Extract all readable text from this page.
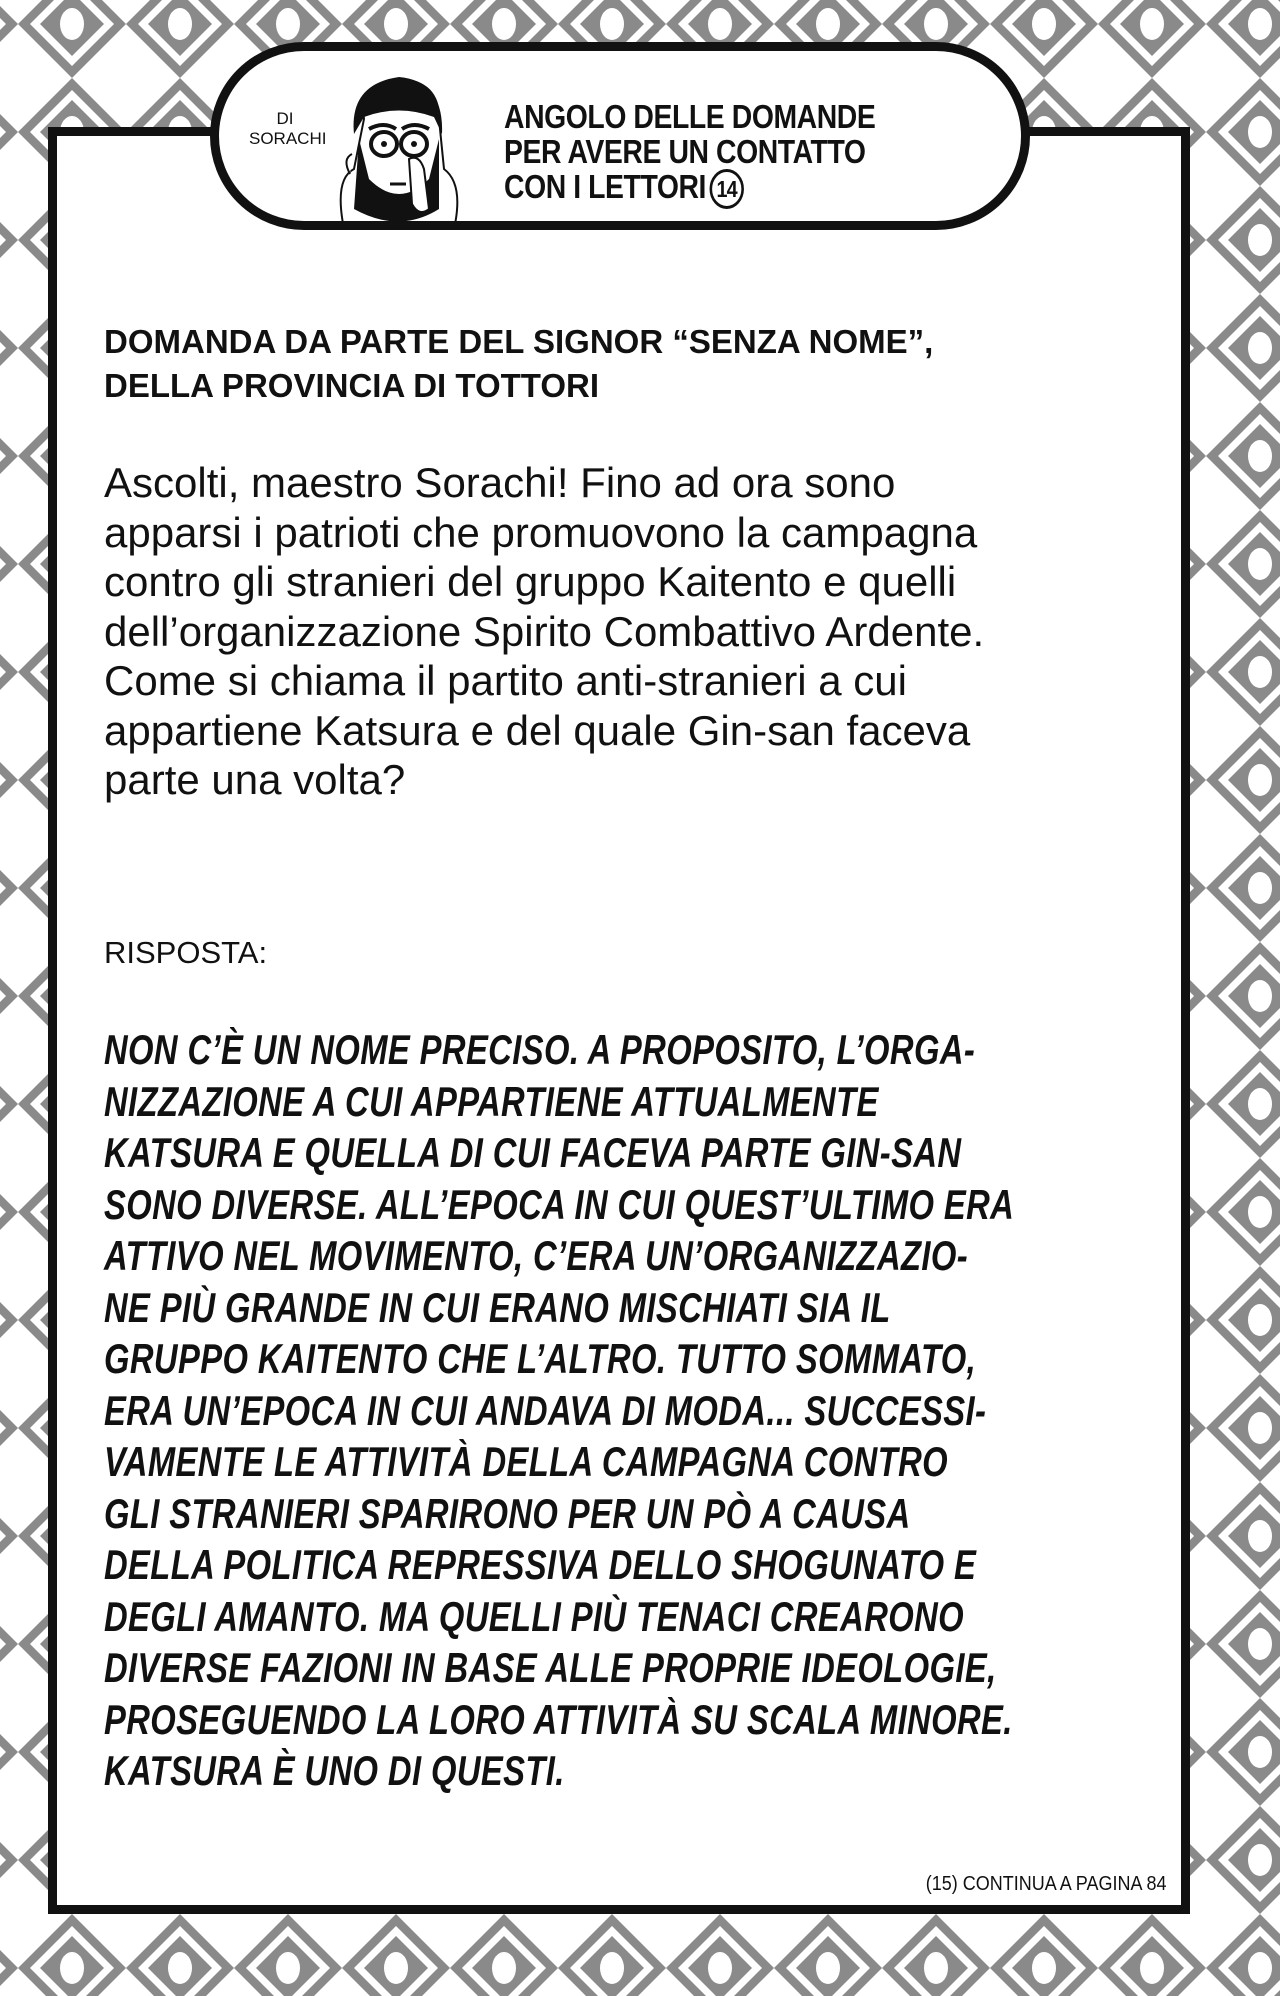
DI
SORACHI
ANGOLO DELLE DOMANDE
PER AVERE UN CONTATTO
CON I LETTORI 14
DOMANDA DA PARTE DEL SIGNOR “SENZA NOME”,
DELLA PROVINCIA DI TOTTORI
Ascolti, maestro Sorachi! Fino ad ora sono
apparsi i patrioti che promuovono la campagna
contro gli stranieri del gruppo Kaitento e quelli
dell’organizzazione Spirito Combattivo Ardente.
Come si chiama il partito anti-stranieri a cui
appartiene Katsura e del quale Gin-san faceva
parte una volta?
RISPOSTA:
NON C’È UN NOME PRECISO. A PROPOSITO, L’ORGA-
NIZZAZIONE A CUI APPARTIENE ATTUALMENTE
KATSURA E QUELLA DI CUI FACEVA PARTE GIN-SAN
SONO DIVERSE. ALL’EPOCA IN CUI QUEST’ULTIMO ERA
ATTIVO NEL MOVIMENTO, C’ERA UN’ORGANIZZAZIO-
NE PIÙ GRANDE IN CUI ERANO MISCHIATI SIA IL
GRUPPO KAITENTO CHE L’ALTRO. TUTTO SOMMATO,
ERA UN’EPOCA IN CUI ANDAVA DI MODA... SUCCESSI-
VAMENTE LE ATTIVITÀ DELLA CAMPAGNA CONTRO
GLI STRANIERI SPARIRONO PER UN PÒ A CAUSA
DELLA POLITICA REPRESSIVA DELLO SHOGUNATO E
DEGLI AMANTO. MA QUELLI PIÙ TENACI CREARONO
DIVERSE FAZIONI IN BASE ALLE PROPRIE IDEOLOGIE,
PROSEGUENDO LA LORO ATTIVITÀ SU SCALA MINORE.
KATSURA È UNO DI QUESTI.
(15) CONTINUA A PAGINA 84
